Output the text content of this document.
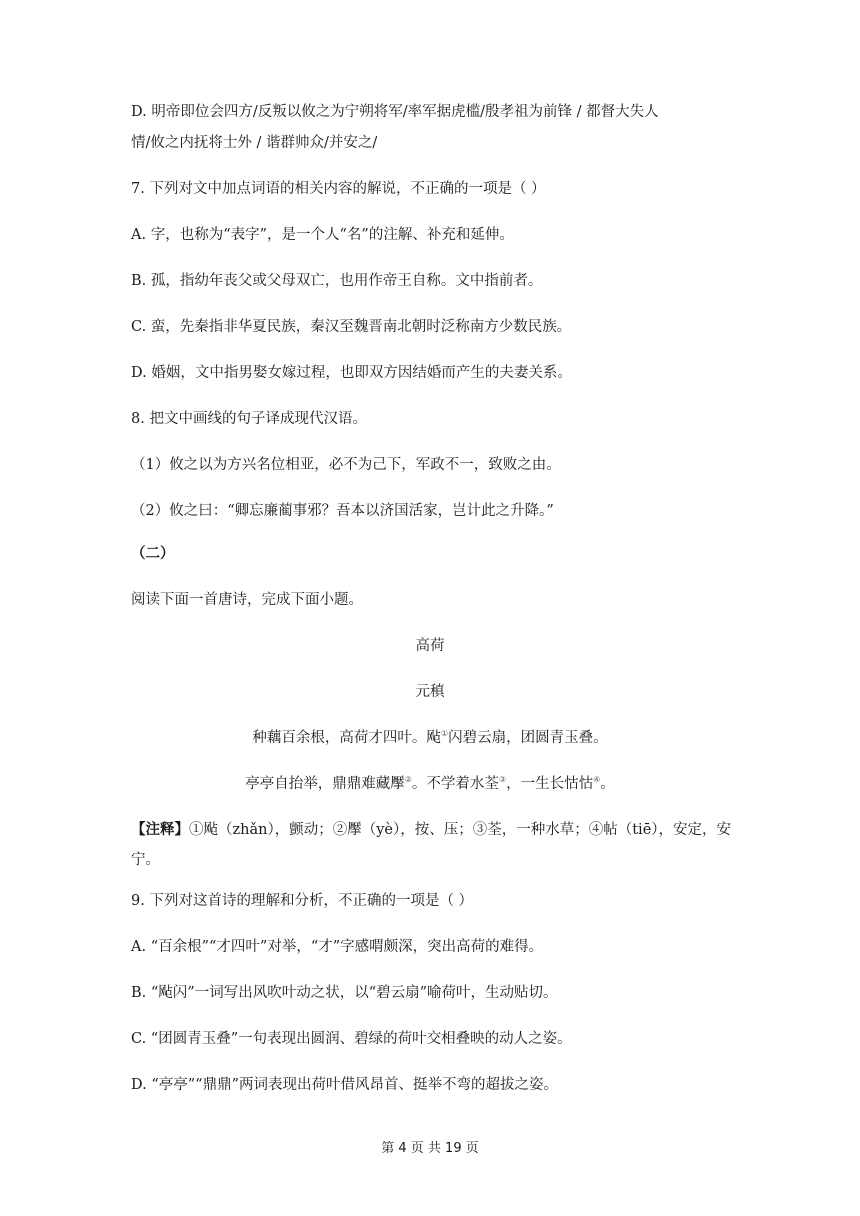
D. 明帝即位会四方/反叛以攸之为宁朔将军/率军据虎槛/殷孝祖为前锋 / 都督大失人
情/攸之内抚将士外 / 谐群帅众/并安之/
7. 下列对文中加点词语的相关内容的解说，不正确的一项是（ ）
A. 字，也称为“表字”，是一个人“名”的注解、补充和延伸。
B. 孤，指幼年丧父或父母双亡，也用作帝王自称。文中指前者。
C. 蛮，先秦指非华夏民族，秦汉至魏晋南北朝时泛称南方少数民族。
D. 婚姻，文中指男娶女嫁过程，也即双方因结婚而产生的夫妻关系。
8. 把文中画线的句子译成现代汉语。
（1）攸之以为方兴名位相亚，必不为己下，军政不一，致败之由。
（2）攸之曰：“卿忘廉蔺事邪？吾本以济国活家，岂计此之升降。”
（二）
阅读下面一首唐诗，完成下面小题。
高荷
元稹
种藕百余根，高荷才四叶。飐①闪碧云扇，团圆青玉叠。
亭亭自抬举，鼎鼎难藏擪②。不学着水荃③，一生长怙怙④。
【注释】①飐（zhǎn），颤动；②擪（yè），按、压；③荃，一种水草；④帖（tiē），安定，安宁。
9. 下列对这首诗的理解和分析，不正确的一项是（ ）
A. “百余根”“才四叶”对举，“才”字感喟颇深，突出高荷的难得。
B. “飐闪”一词写出风吹叶动之状，以“碧云扇”喻荷叶，生动贴切。
C. “团圆青玉叠”一句表现出圆润、碧绿的荷叶交相叠映的动人之姿。
D. “亭亭”“鼎鼎”两词表现出荷叶借风昂首、挺举不弯的超拔之姿。
第 4 页 共 19 页
